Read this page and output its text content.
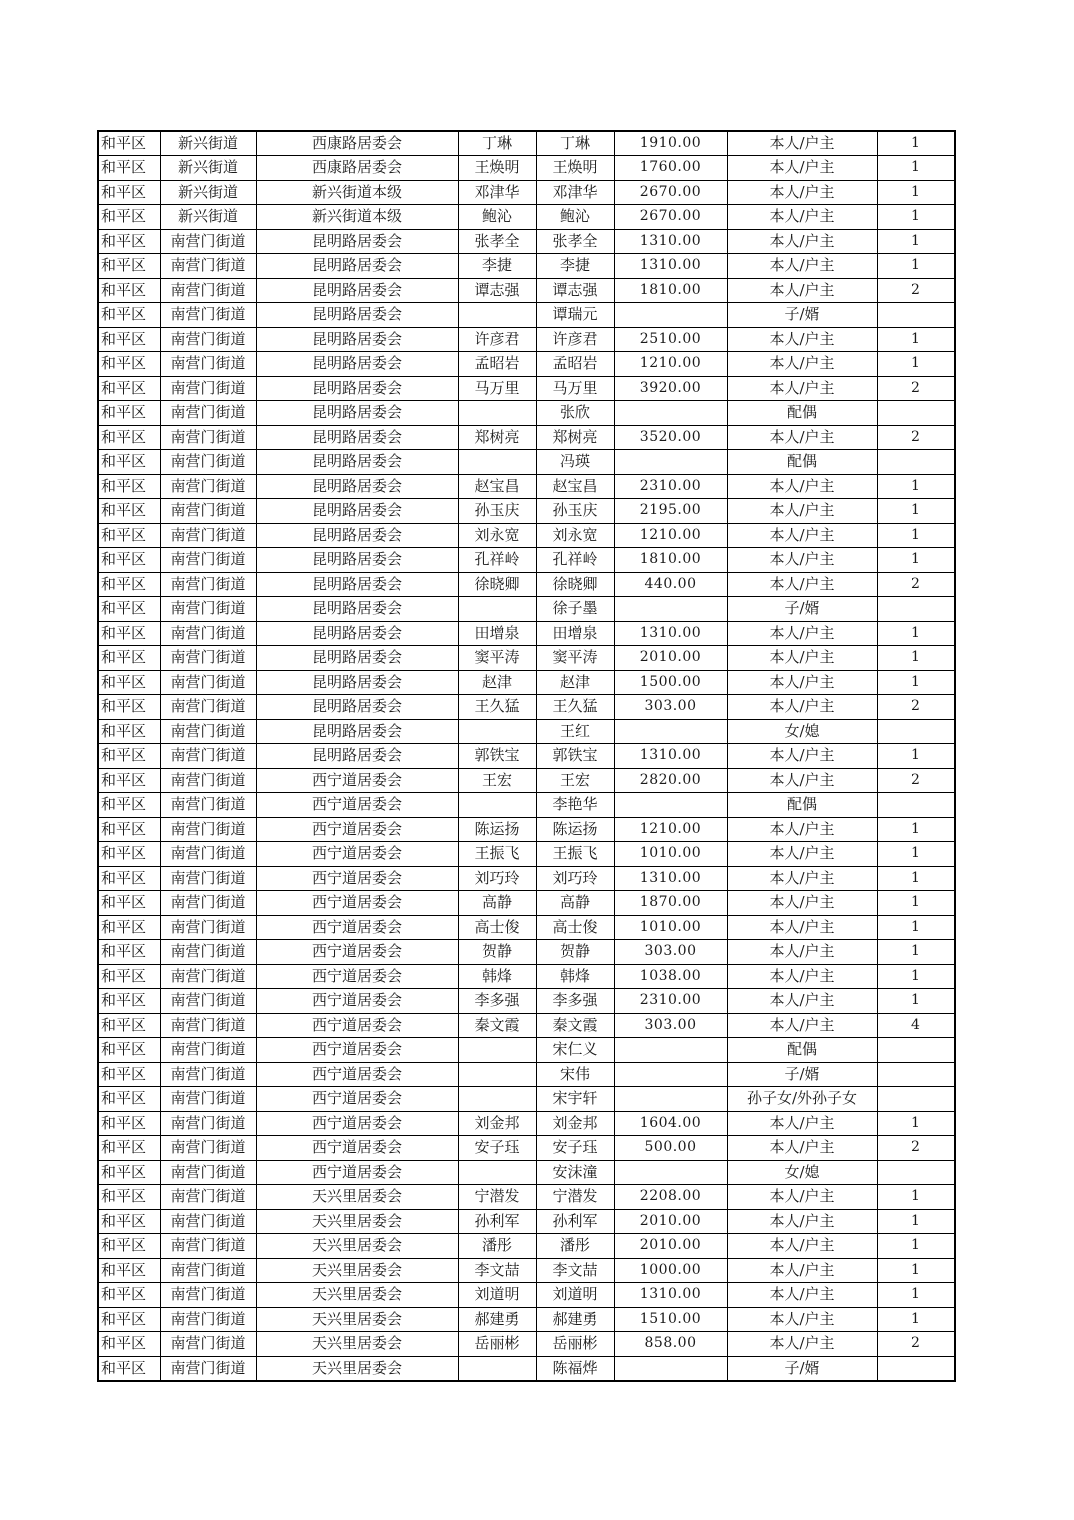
和平区	新兴街道	西康路居委会	丁琳	丁琳	1910.00	本人/户主	1
和平区	新兴街道	西康路居委会	王焕明	王焕明	1760.00	本人/户主	1
和平区	新兴街道	新兴街道本级	邓津华	邓津华	2670.00	本人/户主	1
和平区	新兴街道	新兴街道本级	鲍沁	鲍沁	2670.00	本人/户主	1
和平区	南营门街道	昆明路居委会	张孝全	张孝全	1310.00	本人/户主	1
和平区	南营门街道	昆明路居委会	李捷	李捷	1310.00	本人/户主	1
和平区	南营门街道	昆明路居委会	谭志强	谭志强	1810.00	本人/户主	2
和平区	南营门街道	昆明路居委会		谭瑞元		子/婿	
和平区	南营门街道	昆明路居委会	许彦君	许彦君	2510.00	本人/户主	1
和平区	南营门街道	昆明路居委会	孟昭岩	孟昭岩	1210.00	本人/户主	1
和平区	南营门街道	昆明路居委会	马万里	马万里	3920.00	本人/户主	2
和平区	南营门街道	昆明路居委会		张欣		配偶	
和平区	南营门街道	昆明路居委会	郑树亮	郑树亮	3520.00	本人/户主	2
和平区	南营门街道	昆明路居委会		冯瑛		配偶	
和平区	南营门街道	昆明路居委会	赵宝昌	赵宝昌	2310.00	本人/户主	1
和平区	南营门街道	昆明路居委会	孙玉庆	孙玉庆	2195.00	本人/户主	1
和平区	南营门街道	昆明路居委会	刘永宽	刘永宽	1210.00	本人/户主	1
和平区	南营门街道	昆明路居委会	孔祥岭	孔祥岭	1810.00	本人/户主	1
和平区	南营门街道	昆明路居委会	徐晓卿	徐晓卿	440.00	本人/户主	2
和平区	南营门街道	昆明路居委会		徐子墨		子/婿	
和平区	南营门街道	昆明路居委会	田增泉	田增泉	1310.00	本人/户主	1
和平区	南营门街道	昆明路居委会	窦平涛	窦平涛	2010.00	本人/户主	1
和平区	南营门街道	昆明路居委会	赵津	赵津	1500.00	本人/户主	1
和平区	南营门街道	昆明路居委会	王久猛	王久猛	303.00	本人/户主	2
和平区	南营门街道	昆明路居委会		王红		女/媳	
和平区	南营门街道	昆明路居委会	郭铁宝	郭铁宝	1310.00	本人/户主	1
和平区	南营门街道	西宁道居委会	王宏	王宏	2820.00	本人/户主	2
和平区	南营门街道	西宁道居委会		李艳华		配偶	
和平区	南营门街道	西宁道居委会	陈运扬	陈运扬	1210.00	本人/户主	1
和平区	南营门街道	西宁道居委会	王振飞	王振飞	1010.00	本人/户主	1
和平区	南营门街道	西宁道居委会	刘巧玲	刘巧玲	1310.00	本人/户主	1
和平区	南营门街道	西宁道居委会	高静	高静	1870.00	本人/户主	1
和平区	南营门街道	西宁道居委会	高士俊	高士俊	1010.00	本人/户主	1
和平区	南营门街道	西宁道居委会	贺静	贺静	303.00	本人/户主	1
和平区	南营门街道	西宁道居委会	韩烽	韩烽	1038.00	本人/户主	1
和平区	南营门街道	西宁道居委会	李多强	李多强	2310.00	本人/户主	1
和平区	南营门街道	西宁道居委会	秦文霞	秦文霞	303.00	本人/户主	4
和平区	南营门街道	西宁道居委会		宋仁义		配偶	
和平区	南营门街道	西宁道居委会		宋伟		子/婿	
和平区	南营门街道	西宁道居委会		宋宇轩		孙子女/外孙子女	
和平区	南营门街道	西宁道居委会	刘金邦	刘金邦	1604.00	本人/户主	1
和平区	南营门街道	西宁道居委会	安子珏	安子珏	500.00	本人/户主	2
和平区	南营门街道	西宁道居委会		安沫潼		女/媳	
和平区	南营门街道	天兴里居委会	宁潜发	宁潜发	2208.00	本人/户主	1
和平区	南营门街道	天兴里居委会	孙利军	孙利军	2010.00	本人/户主	1
和平区	南营门街道	天兴里居委会	潘彤	潘彤	2010.00	本人/户主	1
和平区	南营门街道	天兴里居委会	李文喆	李文喆	1000.00	本人/户主	1
和平区	南营门街道	天兴里居委会	刘道明	刘道明	1310.00	本人/户主	1
和平区	南营门街道	天兴里居委会	郝建勇	郝建勇	1510.00	本人/户主	1
和平区	南营门街道	天兴里居委会	岳丽彬	岳丽彬	858.00	本人/户主	2
和平区	南营门街道	天兴里居委会		陈福烨		子/婿	
